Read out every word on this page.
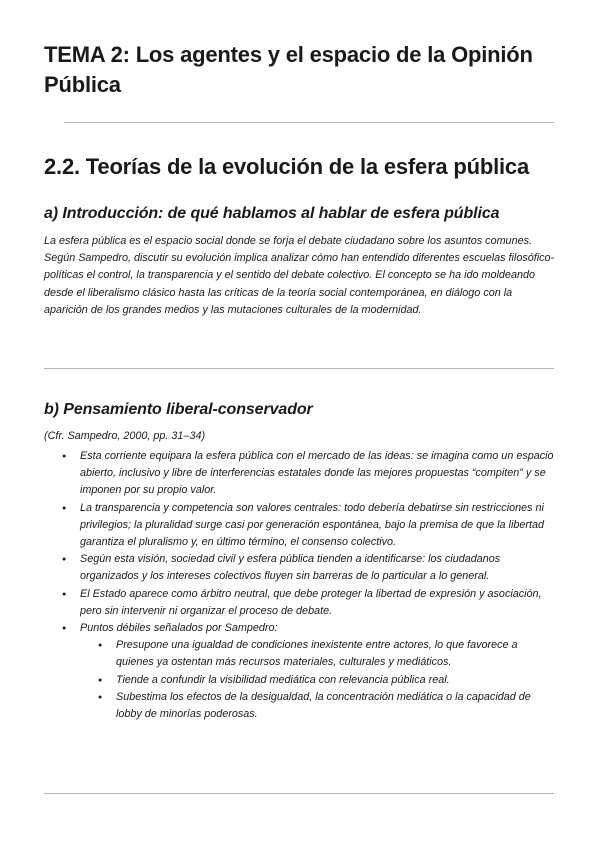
TEMA 2: Los agentes y el espacio de la Opinión Pública
2.2. Teorías de la evolución de la esfera pública
a) Introducción: de qué hablamos al hablar de esfera pública

La esfera pública es el espacio social donde se forja el debate ciudadano sobre los asuntos comunes. Según Sampedro, discutir su evolución implica analizar cómo han entendido diferentes escuelas filosófico-políticas el control, la transparencia y el sentido del debate colectivo. El concepto se ha ido moldeando desde el liberalismo clásico hasta las críticas de la teoría social contemporánea, en diálogo con la aparición de los grandes medios y las mutaciones culturales de la modernidad.

b) Pensamiento liberal-conservador

(Cfr. Sampedro, 2000, pp. 31–34)

● Esta corriente equipara la esfera pública con el mercado de las ideas: se imagina como un espacio abierto, inclusivo y libre de interferencias estatales donde las mejores propuestas “compiten” y se imponen por su propio valor.
● La transparencia y competencia son valores centrales: todo debería debatirse sin restricciones ni privilegios; la pluralidad surge casi por generación espontánea, bajo la premisa de que la libertad garantiza el pluralismo y, en último término, el consenso colectivo.
● Según esta visión, sociedad civil y esfera pública tienden a identificarse: los ciudadanos organizados y los intereses colectivos fluyen sin barreras de lo particular a lo general.
● El Estado aparece como árbitro neutral, que debe proteger la libertad de expresión y asociación, pero sin intervenir ni organizar el proceso de debate.
● Puntos débiles señalados por Sampedro:
● Presupone una igualdad de condiciones inexistente entre actores, lo que favorece a quienes ya ostentan más recursos materiales, culturales y mediáticos.
● Tiende a confundir la visibilidad mediática con relevancia pública real.
● Subestima los efectos de la desigualdad, la concentración mediática o la capacidad de lobby de minorías poderosas.
